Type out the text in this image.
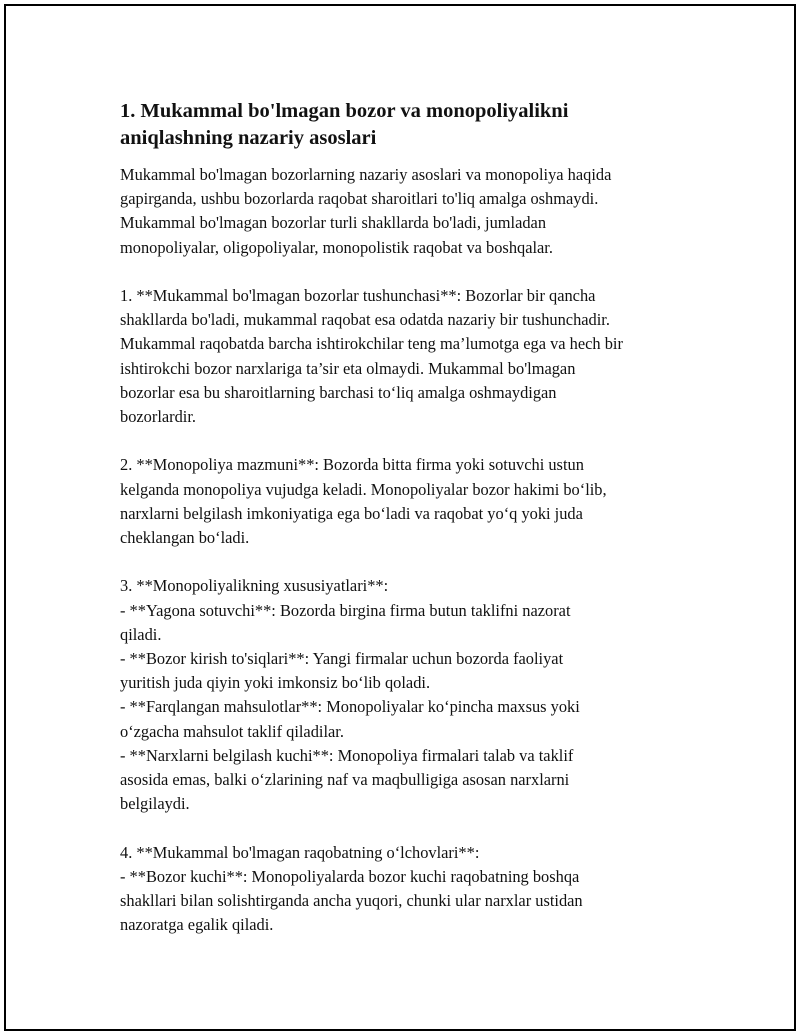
1. Mukammal bo'lmagan bozor va monopoliyalikni
aniqlashning nazariy asoslari

Mukammal bo'lmagan bozorlarning nazariy asoslari va monopoliya haqida
gapirganda, ushbu bozorlarda raqobat sharoitlari to'liq amalga oshmaydi.
Mukammal bo'lmagan bozorlar turli shakllarda bo'ladi, jumladan
monopoliyalar, oligopoliyalar, monopolistik raqobat va boshqalar.

1. **Mukammal bo'lmagan bozorlar tushunchasi**: Bozorlar bir qancha
shakllarda bo'ladi, mukammal raqobat esa odatda nazariy bir tushunchadir.
Mukammal raqobatda barcha ishtirokchilar teng ma’lumotga ega va hech bir
ishtirokchi bozor narxlariga ta’sir eta olmaydi. Mukammal bo'lmagan
bozorlar esa bu sharoitlarning barchasi to‘liq amalga oshmaydigan
bozorlardir.

2. **Monopoliya mazmuni**: Bozorda bitta firma yoki sotuvchi ustun
kelganda monopoliya vujudga keladi. Monopoliyalar bozor hakimi bo‘lib,
narxlarni belgilash imkoniyatiga ega bo‘ladi va raqobat yo‘q yoki juda
cheklangan bo‘ladi.

3. **Monopoliyalikning xususiyatlari**:
- **Yagona sotuvchi**: Bozorda birgina firma butun taklifni nazorat
qiladi.
- **Bozor kirish to'siqlari**: Yangi firmalar uchun bozorda faoliyat
yuritish juda qiyin yoki imkonsiz bo‘lib qoladi.
- **Farqlangan mahsulotlar**: Monopoliyalar ko‘pincha maxsus yoki
o‘zgacha mahsulot taklif qiladilar.
- **Narxlarni belgilash kuchi**: Monopoliya firmalari talab va taklif
asosida emas, balki o‘zlarining naf va maqbulligiga asosan narxlarni
belgilaydi.

4. **Mukammal bo'lmagan raqobatning o‘lchovlari**:
- **Bozor kuchi**: Monopoliyalarda bozor kuchi raqobatning boshqa
shakllari bilan solishtirganda ancha yuqori, chunki ular narxlar ustidan
nazoratga egalik qiladi.
